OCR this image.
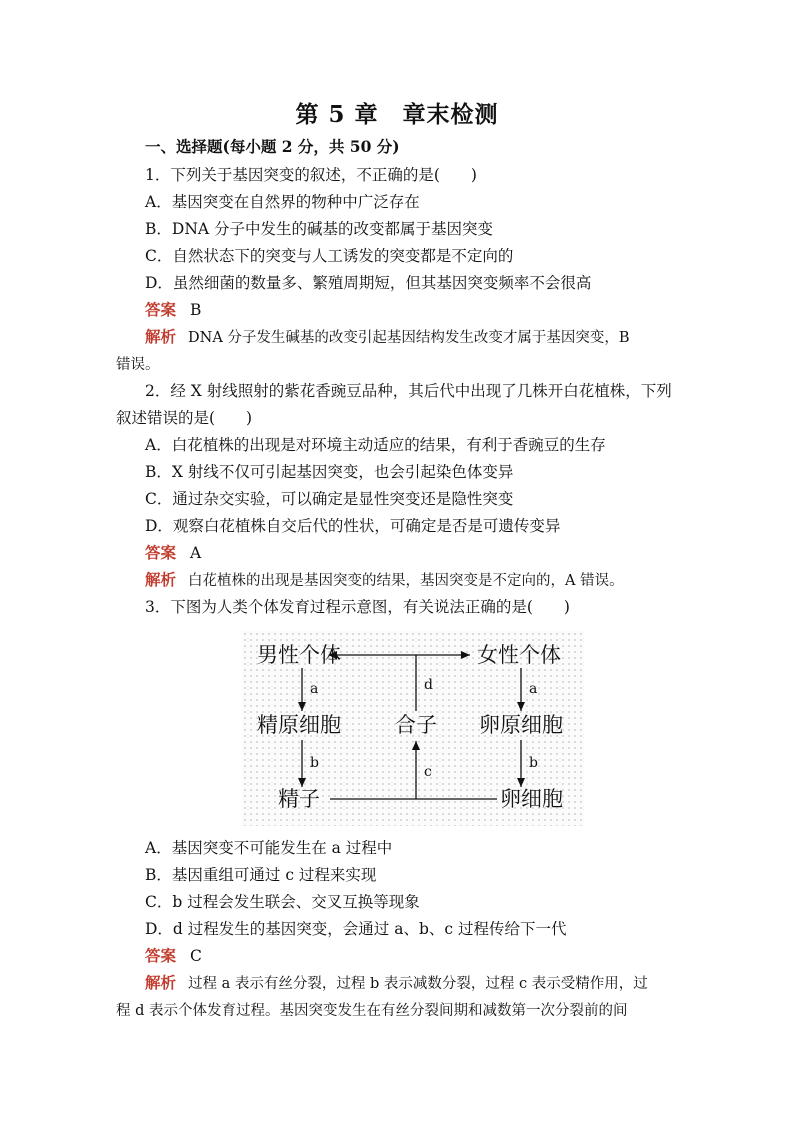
第 5 章　章末检测
一、选择题(每小题 2 分，共 50 分)
1．下列关于基因突变的叙述，不正确的是(　　)
A．基因突变在自然界的物种中广泛存在
B．DNA 分子中发生的碱基的改变都属于基因突变
C．自然状态下的突变与人工诱发的突变都是不定向的
D．虽然细菌的数量多、繁殖周期短，但其基因突变频率不会很高
答案 B
解析 DNA 分子发生碱基的改变引起基因结构发生改变才属于基因突变，B
错误。
2．经 X 射线照射的紫花香豌豆品种，其后代中出现了几株开白花植株，下列
叙述错误的是(　　)
A．白花植株的出现是对环境主动适应的结果，有利于香豌豆的生存
B．X 射线不仅可引起基因突变，也会引起染色体变异
C．通过杂交实验，可以确定是显性突变还是隐性突变
D．观察白花植株自交后代的性状，可确定是否是可遗传变异
答案 A
解析 白花植株的出现是基因突变的结果，基因突变是不定向的，A 错误。
3．下图为人类个体发育过程示意图，有关说法正确的是(　　)
男性个体	女性个体
精原细胞	合子 卵原细胞
精子	卵细胞
a	a
b	b
c
d
A．基因突变不可能发生在 a 过程中
B．基因重组可通过 c 过程来实现
C．b 过程会发生联会、交叉互换等现象
D．d 过程发生的基因突变，会通过 a、b、c 过程传给下一代
答案 C
解析 过程 a 表示有丝分裂，过程 b 表示减数分裂，过程 c 表示受精作用，过
程 d 表示个体发育过程。基因突变发生在有丝分裂间期和减数第一次分裂前的间
